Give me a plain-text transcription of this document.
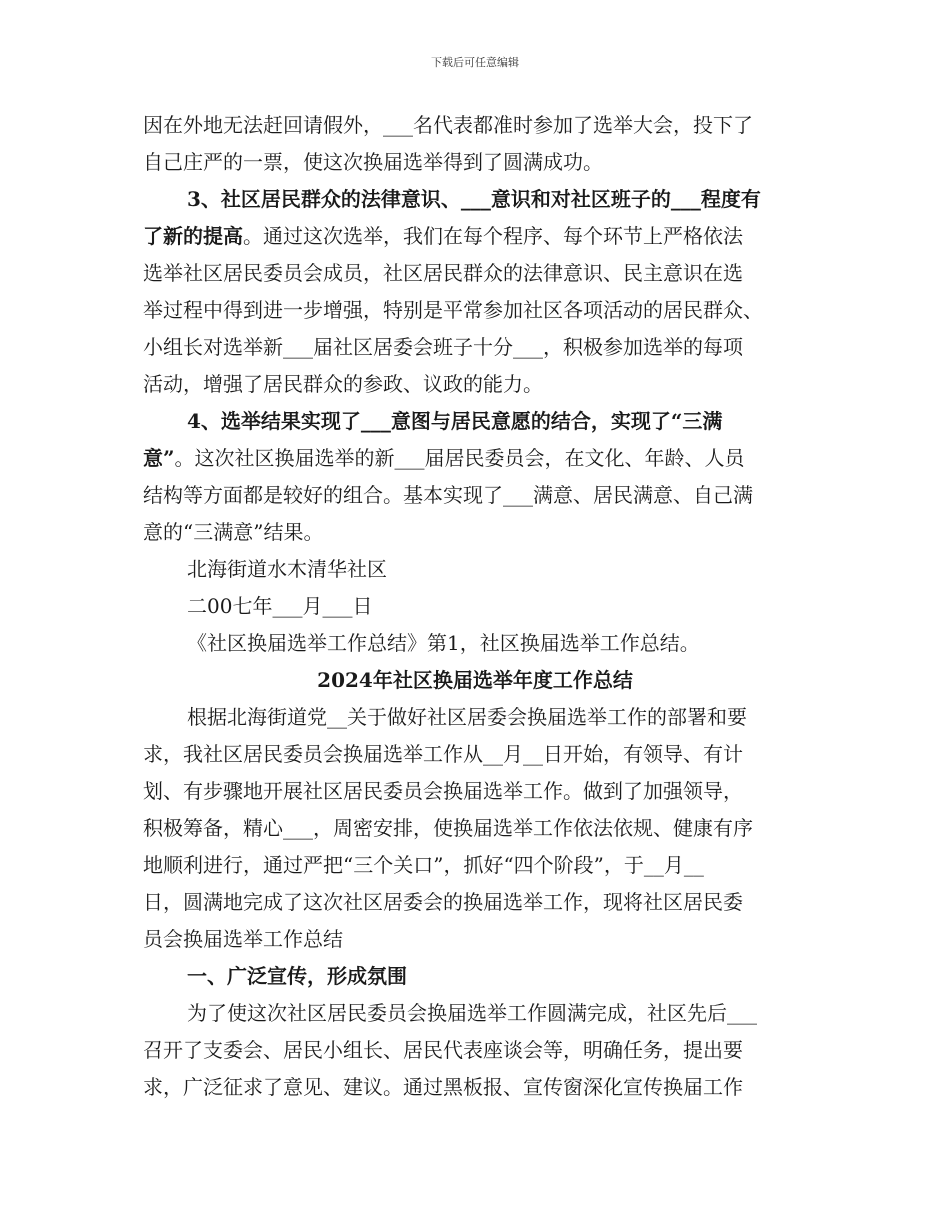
下载后可任意编辑
因在外地无法赶回请假外，___名代表都准时参加了选举大会，投下了
自己庄严的一票，使这次换届选举得到了圆满成功。
3、社区居民群众的法律意识、___意识和对社区班子的___程度有
了新的提高。通过这次选举，我们在每个程序、每个环节上严格依法
选举社区居民委员会成员，社区居民群众的法律意识、民主意识在选
举过程中得到进一步增强，特别是平常参加社区各项活动的居民群众、
小组长对选举新___届社区居委会班子十分___，积极参加选举的每项
活动，增强了居民群众的参政、议政的能力。
4、选举结果实现了___意图与居民意愿的结合，实现了“三满
意”。这次社区换届选举的新___届居民委员会，在文化、年龄、人员
结构等方面都是较好的组合。基本实现了___满意、居民满意、自己满
意的“三满意”结果。
北海街道水木清华社区
二00七年___月___日
《社区换届选举工作总结》第1，社区换届选举工作总结。
2024年社区换届选举年度工作总结
根据北海街道党__关于做好社区居委会换届选举工作的部署和要
求，我社区居民委员会换届选举工作从__月__日开始，有领导、有计
划、有步骤地开展社区居民委员会换届选举工作。做到了加强领导，
积极筹备，精心___，周密安排，使换届选举工作依法依规、健康有序
地顺利进行，通过严把“三个关口”，抓好“四个阶段”，于__月__
日，圆满地完成了这次社区居委会的换届选举工作，现将社区居民委
员会换届选举工作总结
一、广泛宣传，形成氛围
为了使这次社区居民委员会换届选举工作圆满完成，社区先后___
召开了支委会、居民小组长、居民代表座谈会等，明确任务，提出要
求，广泛征求了意见、建议。通过黑板报、宣传窗深化宣传换届工作
